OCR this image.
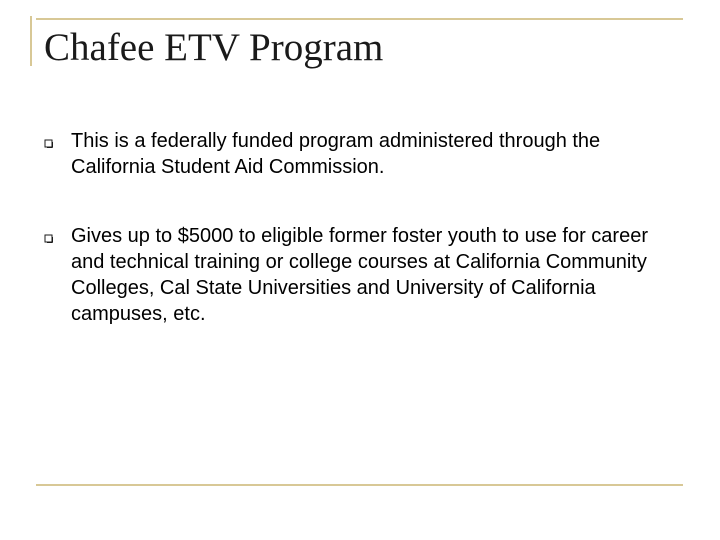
Chafee ETV Program
This is a federally funded program administered through the California Student Aid Commission.
Gives up to $5000 to eligible former foster youth to use for career and technical training or college courses at California Community Colleges, Cal State Universities and University of California campuses, etc.
